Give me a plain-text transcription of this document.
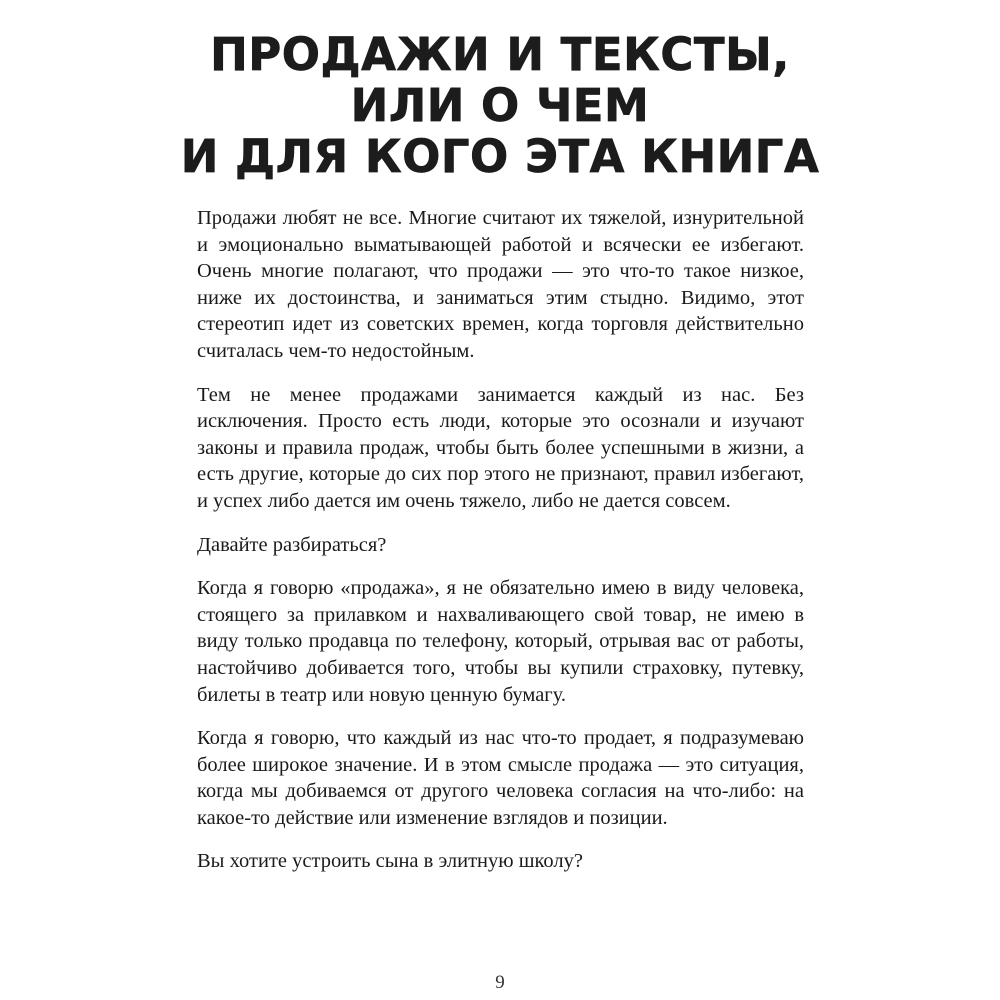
ПРОДАЖИ И ТЕКСТЫ,
ИЛИ О ЧЕМ
И ДЛЯ КОГО ЭТА КНИГА

Продажи любят не все. Многие считают их тяжелой, изнурительной и эмоционально выматывающей работой и всячески ее избегают. Очень многие полагают, что продажи — это что-то такое низкое, ниже их достоинства, и заниматься этим стыдно. Видимо, этот стереотип идет из советских времен, когда торговля действительно считалась чем-то недостойным.

Тем не менее продажами занимается каждый из нас. Без исключения. Просто есть люди, которые это осознали и изучают законы и правила продаж, чтобы быть более успешными в жизни, а есть другие, которые до сих пор этого не признают, правил избегают, и успех либо дается им очень тяжело, либо не дается совсем.

Давайте разбираться?

Когда я говорю «продажа», я не обязательно имею в виду человека, стоящего за прилавком и нахваливающего свой товар, не имею в виду только продавца по телефону, который, отрывая вас от работы, настойчиво добивается того, чтобы вы купили страховку, путевку, билеты в театр или новую ценную бумагу.

Когда я говорю, что каждый из нас что-то продает, я подразумеваю более широкое значение. И в этом смысле продажа — это ситуация, когда мы добиваемся от другого человека согласия на что-либо: на какое-то действие или изменение взглядов и позиции.

Вы хотите устроить сына в элитную школу?

9
